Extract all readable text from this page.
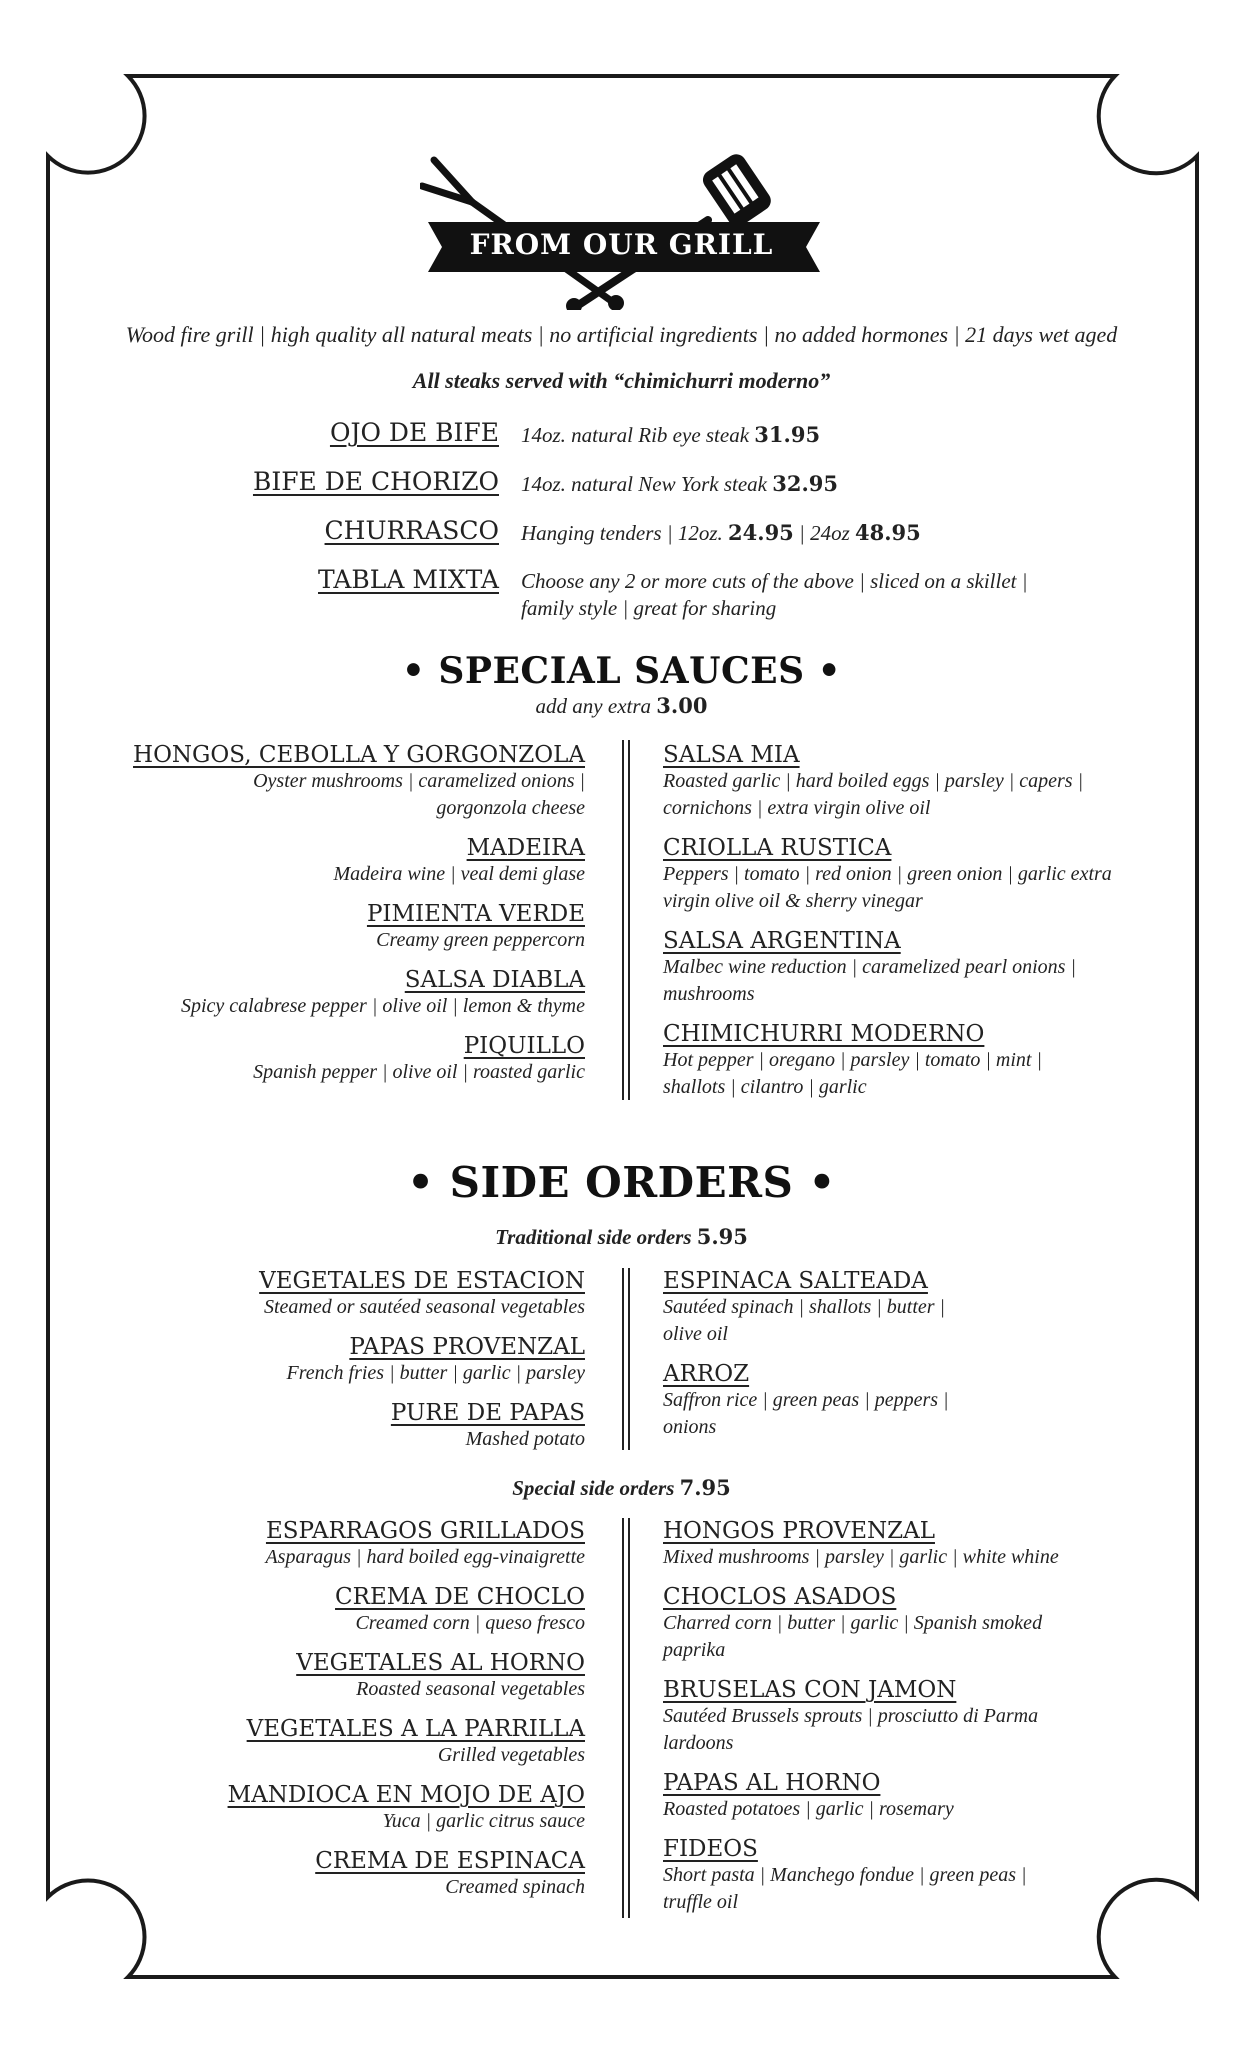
FROM OUR GRILL
Wood fire grill | high quality all natural meats | no artificial ingredients | no added hormones | 21 days wet aged
All steaks served with “chimichurri moderno”
OJO DE BIFE 14oz. natural Rib eye steak 31.95
BIFE DE CHORIZO 14oz. natural New York steak 32.95
CHURRASCO Hanging tenders | 12oz. 24.95 | 24oz 48.95
TABLA MIXTA Choose any 2 or more cuts of the above | sliced on a skillet |
family style | great for sharing
• SPECIAL SAUCES •
add any extra 3.00
HONGOS, CEBOLLA Y GORGONZOLA
Oyster mushrooms | caramelized onions |
gorgonzola cheese
MADEIRA
Madeira wine | veal demi glase
PIMIENTA VERDE
Creamy green peppercorn
SALSA DIABLA
Spicy calabrese pepper | olive oil | lemon & thyme
PIQUILLO
Spanish pepper | olive oil | roasted garlic
SALSA MIA
Roasted garlic | hard boiled eggs | parsley | capers |
cornichons | extra virgin olive oil
CRIOLLA RUSTICA
Peppers | tomato | red onion | green onion | garlic extra
virgin olive oil & sherry vinegar
SALSA ARGENTINA
Malbec wine reduction | caramelized pearl onions |
mushrooms
CHIMICHURRI MODERNO
Hot pepper | oregano | parsley | tomato | mint |
shallots | cilantro | garlic
• SIDE ORDERS •
Traditional side orders 5.95
VEGETALES DE ESTACION
Steamed or sautéed seasonal vegetables
PAPAS PROVENZAL
French fries | butter | garlic | parsley
PURE DE PAPAS
Mashed potato
ESPINACA SALTEADA
Sautéed spinach | shallots | butter |
olive oil
ARROZ
Saffron rice | green peas | peppers |
onions
Special side orders 7.95
ESPARRAGOS GRILLADOS
Asparagus | hard boiled egg-vinaigrette
CREMA DE CHOCLO
Creamed corn | queso fresco
VEGETALES AL HORNO
Roasted seasonal vegetables
VEGETALES A LA PARRILLA
Grilled vegetables
MANDIOCA EN MOJO DE AJO
Yuca | garlic citrus sauce
CREMA DE ESPINACA
Creamed spinach
HONGOS PROVENZAL
Mixed mushrooms | parsley | garlic | white whine
CHOCLOS ASADOS
Charred corn | butter | garlic | Spanish smoked
paprika
BRUSELAS CON JAMON
Sautéed Brussels sprouts | prosciutto di Parma
lardoons
PAPAS AL HORNO
Roasted potatoes | garlic | rosemary
FIDEOS
Short pasta | Manchego fondue | green peas |
truffle oil
